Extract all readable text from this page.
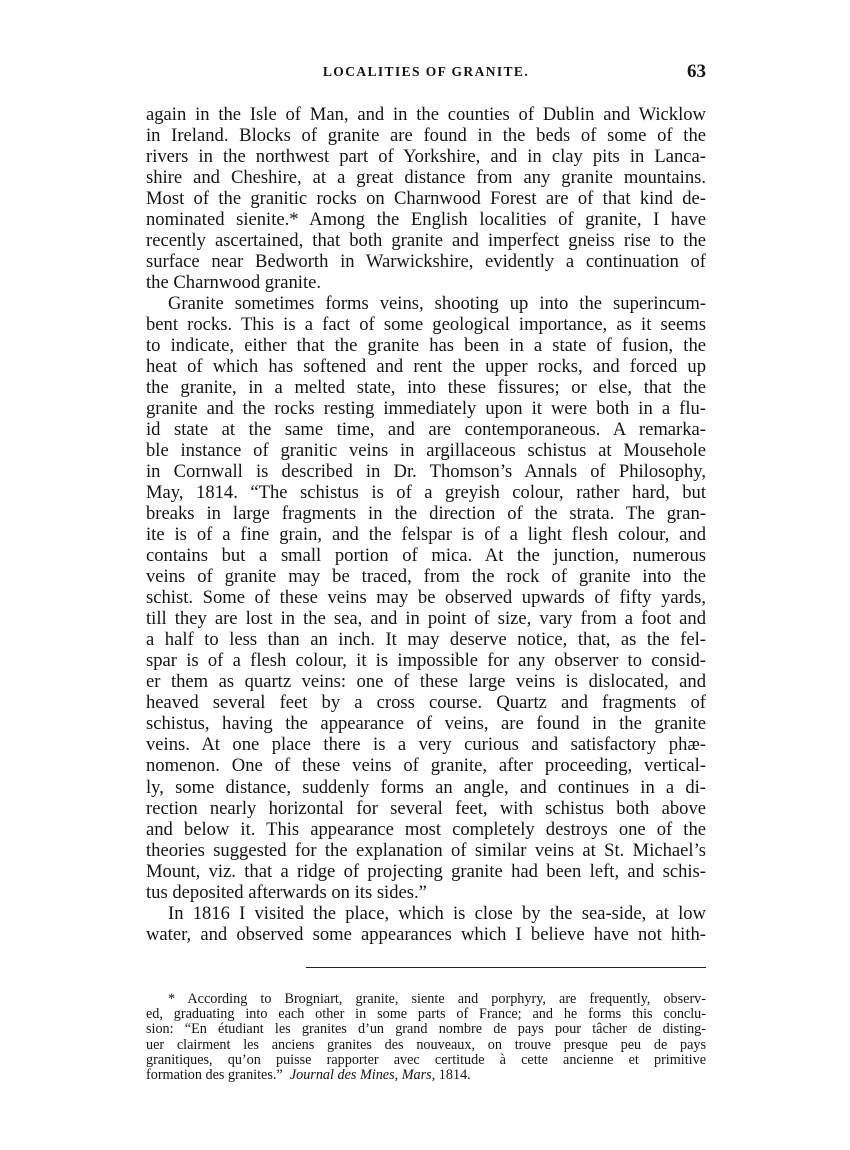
LOCALITIES OF GRANITE.	63
again in the Isle of Man, and in the counties of Dublin and Wicklow
in Ireland. Blocks of granite are found in the beds of some of the
rivers in the northwest part of Yorkshire, and in clay pits in Lanca-
shire and Cheshire, at a great distance from any granite mountains.
Most of the granitic rocks on Charnwood Forest are of that kind de-
nominated sienite.* Among the English localities of granite, I have
recently ascertained, that both granite and imperfect gneiss rise to the
surface near Bedworth in Warwickshire, evidently a continuation of
the Charnwood granite.
Granite sometimes forms veins, shooting up into the superincum-
bent rocks. This is a fact of some geological importance, as it seems
to indicate, either that the granite has been in a state of fusion, the
heat of which has softened and rent the upper rocks, and forced up
the granite, in a melted state, into these fissures; or else, that the
granite and the rocks resting immediately upon it were both in a flu-
id state at the same time, and are contemporaneous. A remarka-
ble instance of granitic veins in argillaceous schistus at Mousehole
in Cornwall is described in Dr. Thomson’s Annals of Philosophy,
May, 1814. “The schistus is of a greyish colour, rather hard, but
breaks in large fragments in the direction of the strata. The gran-
ite is of a fine grain, and the felspar is of a light flesh colour, and
contains but a small portion of mica. At the junction, numerous
veins of granite may be traced, from the rock of granite into the
schist. Some of these veins may be observed upwards of fifty yards,
till they are lost in the sea, and in point of size, vary from a foot and
a half to less than an inch. It may deserve notice, that, as the fel-
spar is of a flesh colour, it is impossible for any observer to consid-
er them as quartz veins: one of these large veins is dislocated, and
heaved several feet by a cross course. Quartz and fragments of
schistus, having the appearance of veins, are found in the granite
veins. At one place there is a very curious and satisfactory phæ-
nomenon. One of these veins of granite, after proceeding, vertical-
ly, some distance, suddenly forms an angle, and continues in a di-
rection nearly horizontal for several feet, with schistus both above
and below it. This appearance most completely destroys one of the
theories suggested for the explanation of similar veins at St. Michael’s
Mount, viz. that a ridge of projecting granite had been left, and schis-
tus deposited afterwards on its sides.”
In 1816 I visited the place, which is close by the sea-side, at low
water, and observed some appearances which I believe have not hith-
* According to Brogniart, granite, siente and porphyry, are frequently, observ-
ed, graduating into each other in some parts of France; and he forms this conclu-
sion: “En étudiant les granites d’un grand nombre de pays pour tâcher de disting-
uer clairment les anciens granites des nouveaux, on trouve presque peu de pays
granitiques, qu’on puisse rapporter avec certitude à cette ancienne et primitive
formation des granites.” Journal des Mines, Mars, 1814.
